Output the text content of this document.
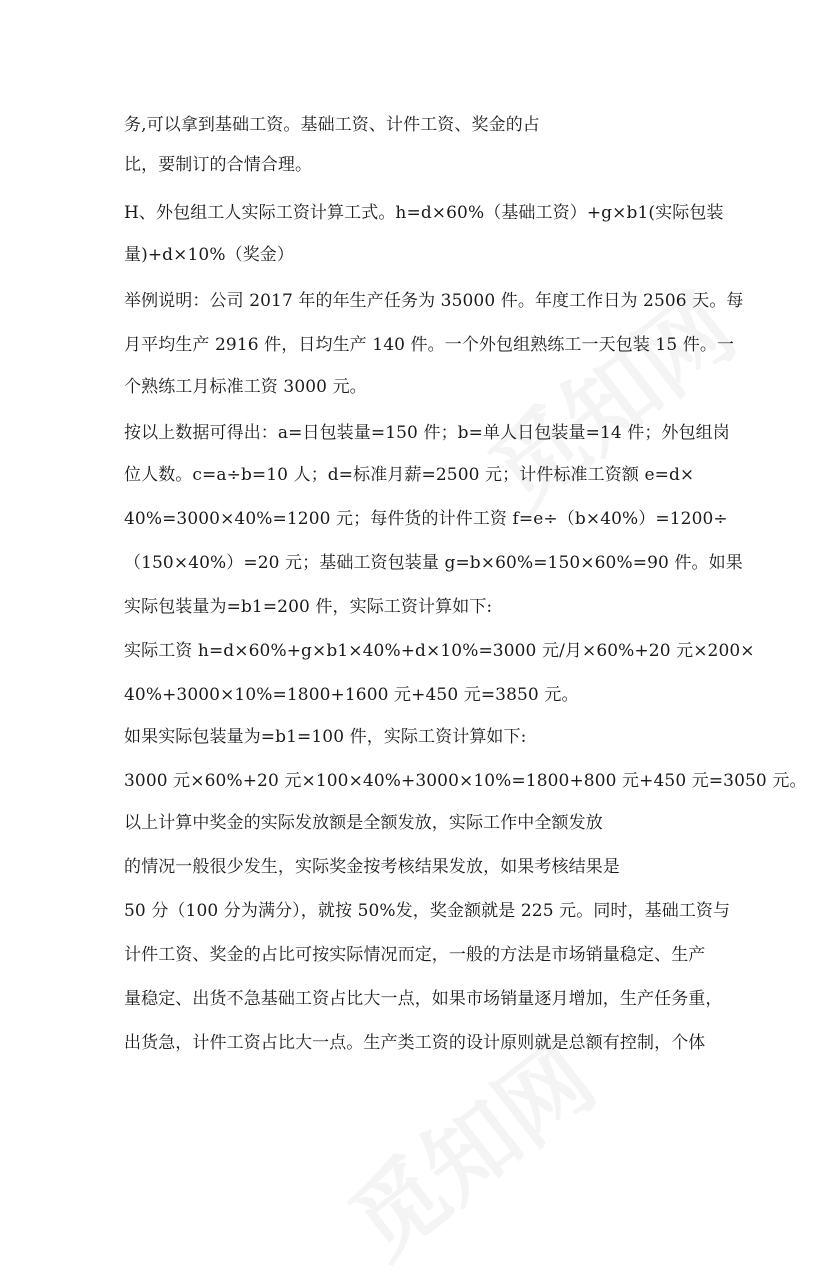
务,可以拿到基础工资。基础工资、计件工资、奖金的占
比，要制订的合情合理。
H、外包组工人实际工资计算工式。h=d×60%（基础工资）+g×b1(实际包装
量)+d×10%（奖金）
举例说明：公司 2017 年的年生产任务为 35000 件。年度工作日为 2506 天。每
月平均生产 2916 件，日均生产 140 件。一个外包组熟练工一天包装 15 件。一
个熟练工月标准工资 3000 元。
按以上数据可得出：a=日包装量=150 件；b=单人日包装量=14 件；外包组岗
位人数。c=a÷b=10 人；d=标准月薪=2500 元；计件标准工资额 e=d×
40%=3000×40%=1200 元；每件货的计件工资 f=e÷（b×40%）=1200÷
（150×40%）=20 元；基础工资包装量 g=b×60%=150×60%=90 件。如果
实际包装量为=b1=200 件，实际工资计算如下:
实际工资 h=d×60%+g×b1×40%+d×10%=3000 元/月×60%+20 元×200×
40%+3000×10%=1800+1600 元+450 元=3850 元。
如果实际包装量为=b1=100 件，实际工资计算如下:
3000 元×60%+20 元×100×40%+3000×10%=1800+800 元+450 元=3050 元。
以上计算中奖金的实际发放额是全额发放，实际工作中全额发放
的情况一般很少发生，实际奖金按考核结果发放，如果考核结果是
50 分（100 分为满分），就按 50%发，奖金额就是 225 元。同时，基础工资与
计件工资、奖金的占比可按实际情况而定，一般的方法是市场销量稳定、生产
量稳定、出货不急基础工资占比大一点，如果市场销量逐月增加，生产任务重，
出货急，计件工资占比大一点。生产类工资的设计原则就是总额有控制，个体
